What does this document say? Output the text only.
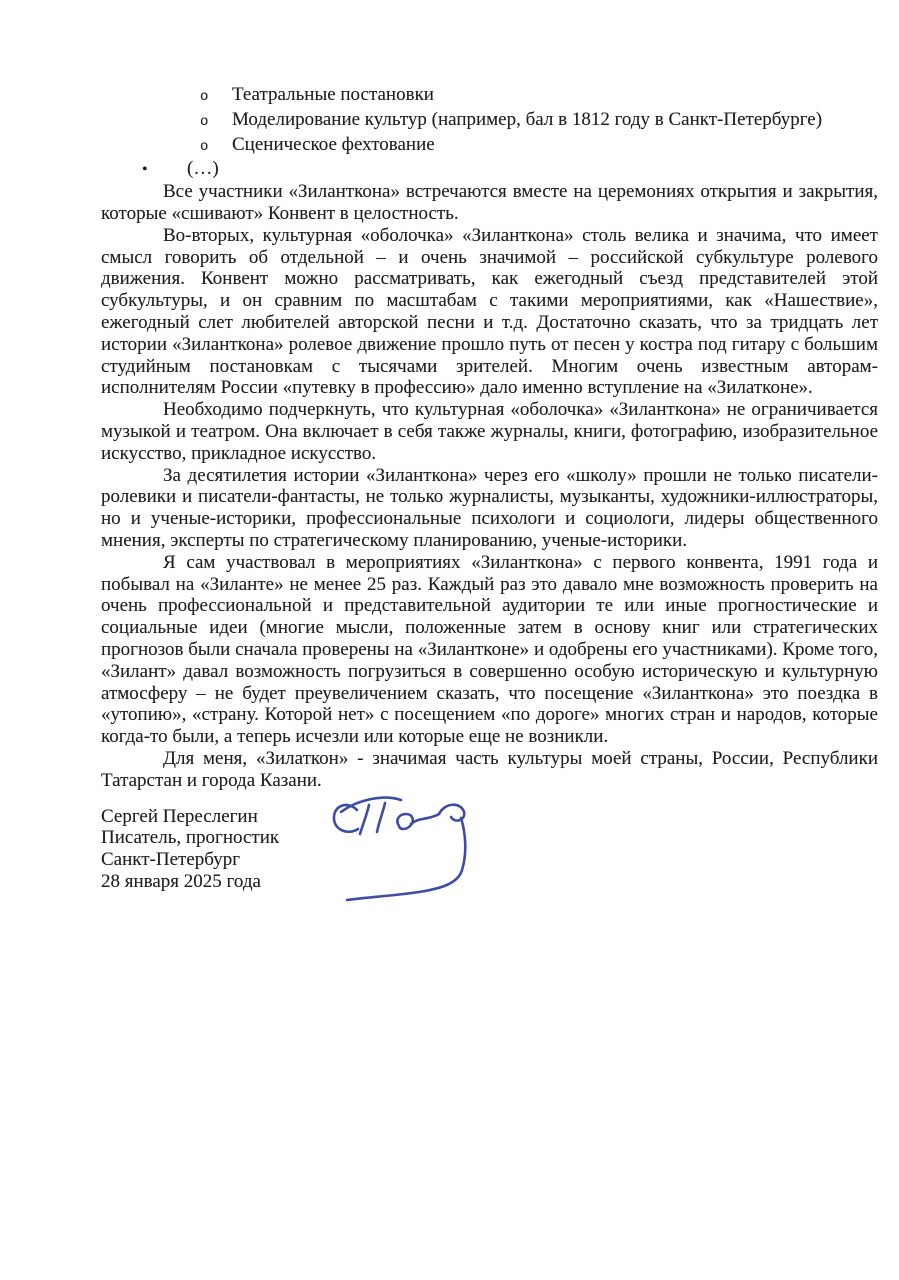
o	Театральные постановки
o	Моделирование культур (например, бал в 1812 году в Санкт-Петербурге)
o	Сценическое фехтование
•	(…)

Все участники «Зиланткона» встречаются вместе на церемониях открытия и закрытия, которые «сшивают» Конвент в целостность.

Во-вторых, культурная «оболочка» «Зиланткона» столь велика и значима, что имеет смысл говорить об отдельной – и очень значимой – российской субкультуре ролевого движения. Конвент можно рассматривать, как ежегодный съезд представителей этой субкультуры, и он сравним по масштабам с такими мероприятиями, как «Нашествие», ежегодный слет любителей авторской песни и т.д. Достаточно сказать, что за тридцать лет истории «Зиланткона» ролевое движение прошло путь от песен у костра под гитару с большим студийным постановкам с тысячами зрителей. Многим очень известным авторам-исполнителям России «путевку в профессию» дало именно вступление на «Зилатконе».

Необходимо подчеркнуть, что культурная «оболочка» «Зиланткона» не ограничивается музыкой и театром. Она включает в себя также журналы, книги, фотографию, изобразительное искусство, прикладное искусство.

За десятилетия истории «Зиланткона» через его «школу» прошли не только писатели-ролевики и писатели-фантасты, не только журналисты, музыканты, художники-иллюстраторы, но и ученые-историки, профессиональные психологи и социологи, лидеры общественного мнения, эксперты по стратегическому планированию, ученые-историки.

Я сам участвовал в мероприятиях «Зиланткона» с первого конвента, 1991 года и побывал на «Зиланте» не менее 25 раз. Каждый раз это давало мне возможность проверить на очень профессиональной и представительной аудитории те или иные прогностические и социальные идеи (многие мысли, положенные затем в основу книг или стратегических прогнозов были сначала проверены на «Зилантконе» и одобрены его участниками). Кроме того, «Зилант» давал возможность погрузиться в совершенно особую историческую и культурную атмосферу – не будет преувеличением сказать, что посещение «Зиланткона» это поездка в «утопию», «страну. Которой нет» с посещением «по дороге» многих стран и народов, которые когда-то были, а теперь исчезли или которые еще не возникли.

Для меня, «Зилаткон» - значимая часть культуры моей страны, России, Республики Татарстан и города Казани.

Сергей Переслегин
Писатель, прогностик
Санкт-Петербург
28 января 2025 года
